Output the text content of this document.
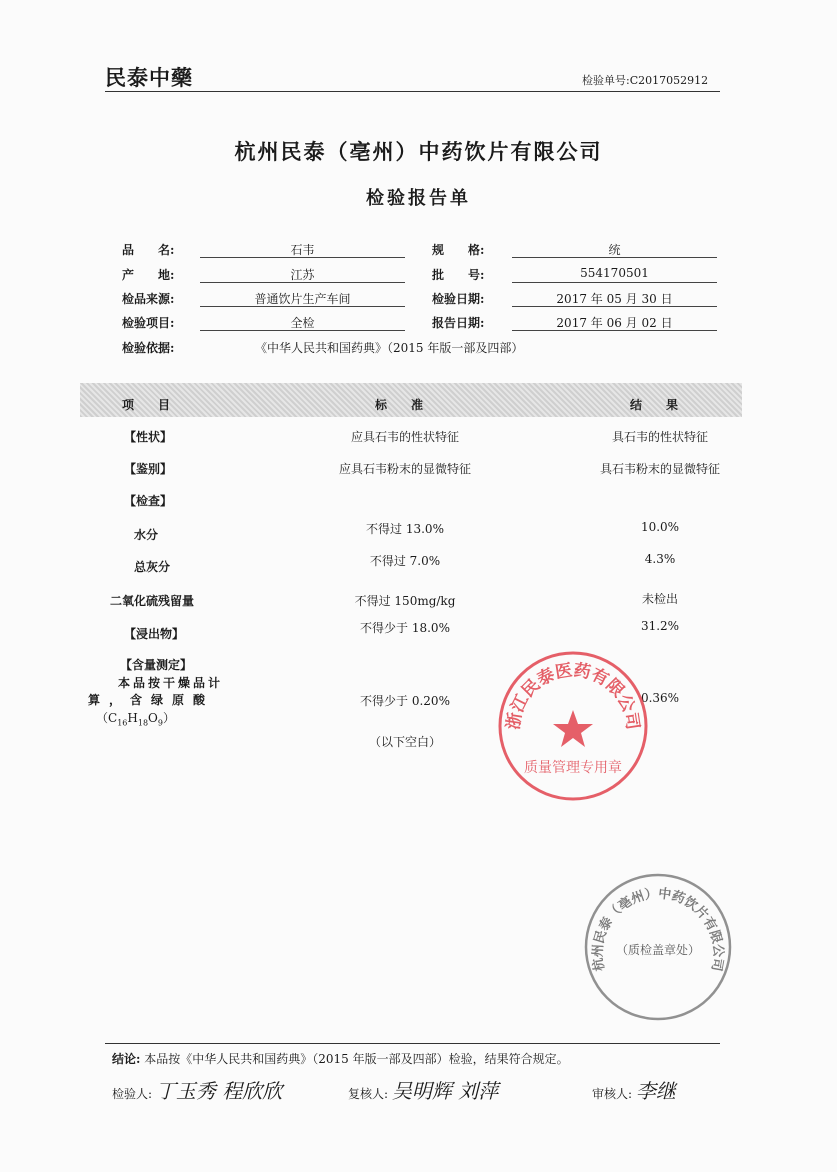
民泰中藥	检验单号:C2017052912
杭州民泰（亳州）中药饮片有限公司
检验报告单
品　　名:	石韦	规　　格:	统
产　　地:	江苏	批　　号:	554170501
检品来源:	普通饮片生产车间	检验日期:	2017 年 05 月 30 日
检验项目:	全检	报告日期:	2017 年 06 月 02 日
检验依据:	《中华人民共和国药典》（2015 年版一部及四部）
项　　目	标　　准	结　　果
【性状】	应具石韦的性状特征	具石韦的性状特征
【鉴别】	应具石韦粉末的显微特征	具石韦粉末的显微特征
【检查】
水分	不得过 13.0%	10.0%
总灰分	不得过 7.0%	4.3%
二氧化硫残留量	不得过 150mg/kg	未检出
【浸出物】	不得少于 18.0%	31.2%
【含量测定】
本品按干燥品计
算，含绿原酸
$(C_{16}H_{18}O_9)$
不得少于 0.20%	0.36%
（以下空白）
浙江民泰医药有限公司
质量管理专用章
杭州民泰（亳州）中药饮片有限公司
（质检盖章处）
结论: 本品按《中华人民共和国药典》（2015 年版一部及四部）检验，结果符合规定。
检验人: 丁玉秀 程欣欣	复核人: 吴明辉 刘萍	审核人: 李继
